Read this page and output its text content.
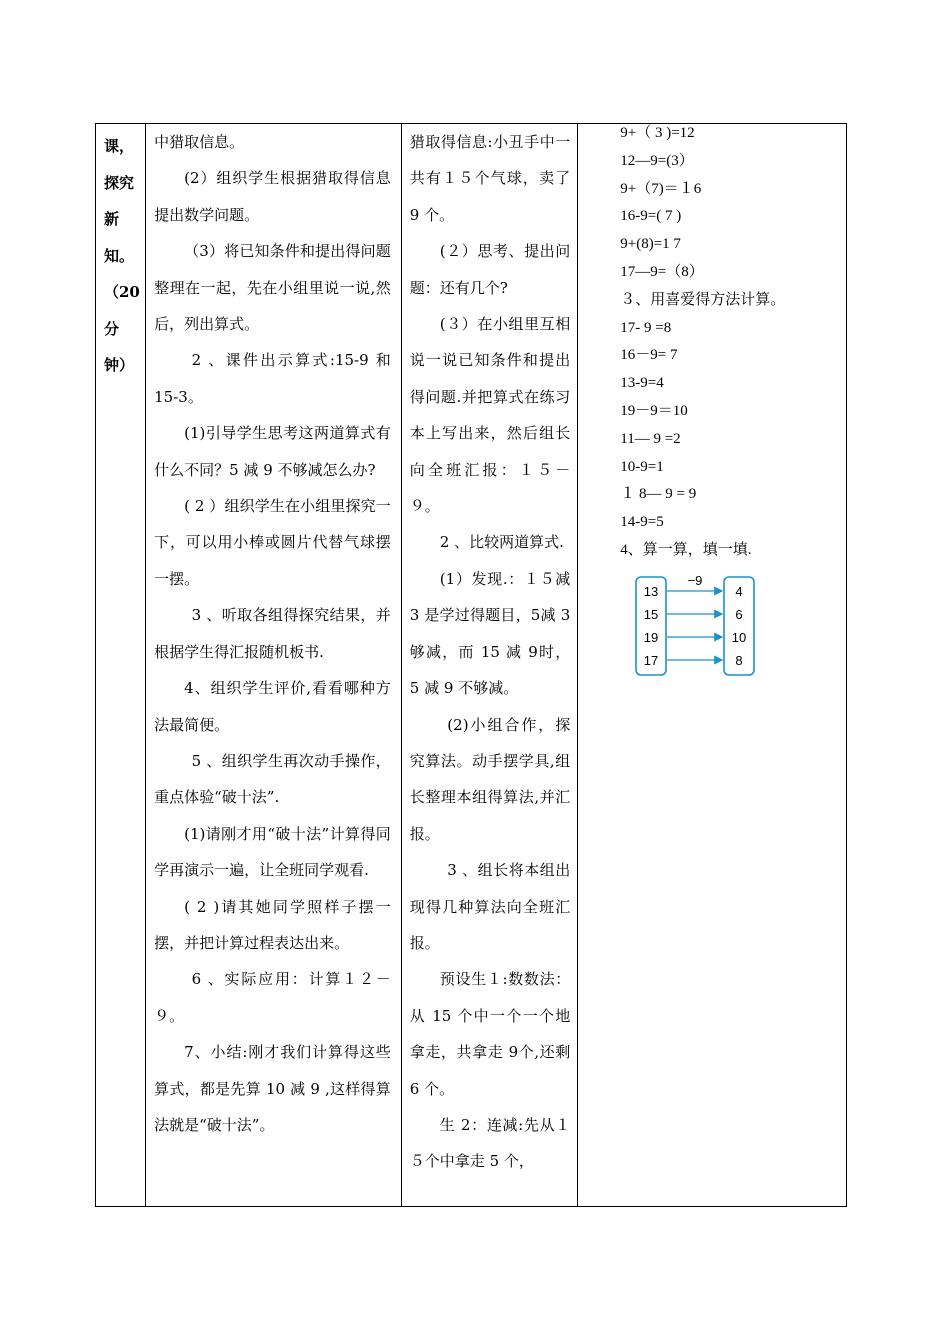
课，
探究
新
知。
（20
分
钟）

中猎取信息。

(2）组织学生根据猎取得信息提出数学问题。

（3）将已知条件和提出得问题整理在一起，先在小组里说一说,然后，列出算式。

2 、课件出示算式:15-9 和15-3。

(1)引导学生思考这两道算式有什么不同？5 减 9 不够减怎么办?

( 2 ）组织学生在小组里探究一下，可以用小棒或圆片代替气球摆一摆。

3 、听取各组得探究结果，并根据学生得汇报随机板书.

4、组织学生评价,看看哪种方法最简便。

5 、组织学生再次动手操作，重点体验“破十法”.

(1)请刚才用“破十法”计算得同学再演示一遍，让全班同学观看.

( 2 )请其她同学照样子摆一摆，并把计算过程表达出来。

6 、实际应用：计算１２－９。

7、小结:刚才我们计算得这些算式，都是先算 10 减 9 ,这样得算法就是“破十法”。

猎取得信息:小丑手中一共有１５个气球，卖了 9 个。

(２）思考、提出问题：还有几个?

(３）在小组里互相说一说已知条件和提出得问题.并把算式在练习本上写出来，然后组长向全班汇报：１５－９。

2 、比较两道算式.

(1）发现.：１５减 3 是学过得题目，5减 3 够减，而 15 减 9时， 5 减 9 不够减。

(2)小组合作，探究算法。动手摆学具,组长整理本组得算法,并汇报。

3 、组长将本组出现得几种算法向全班汇报。

预设生１:数数法：从 15 个中一个一个地拿走，共拿走 9个,还剩 6 个。

生 2：连减:先从１５个中拿走 5 个，

9+（ 3 )=12
12—9=(3）
9+（7)＝１6
16-9=( 7 )
9+(8)=1 7
17—9=（8）
３、用喜爱得方法计算。
17- 9 =8
16－9= 7
13-9=4
19－9＝10
11— 9 =2
10-9=1
１ 8— 9 = 9
14-9=5
4、算一算，填一填.
−9
13	4
15	6
19	10
17	8
